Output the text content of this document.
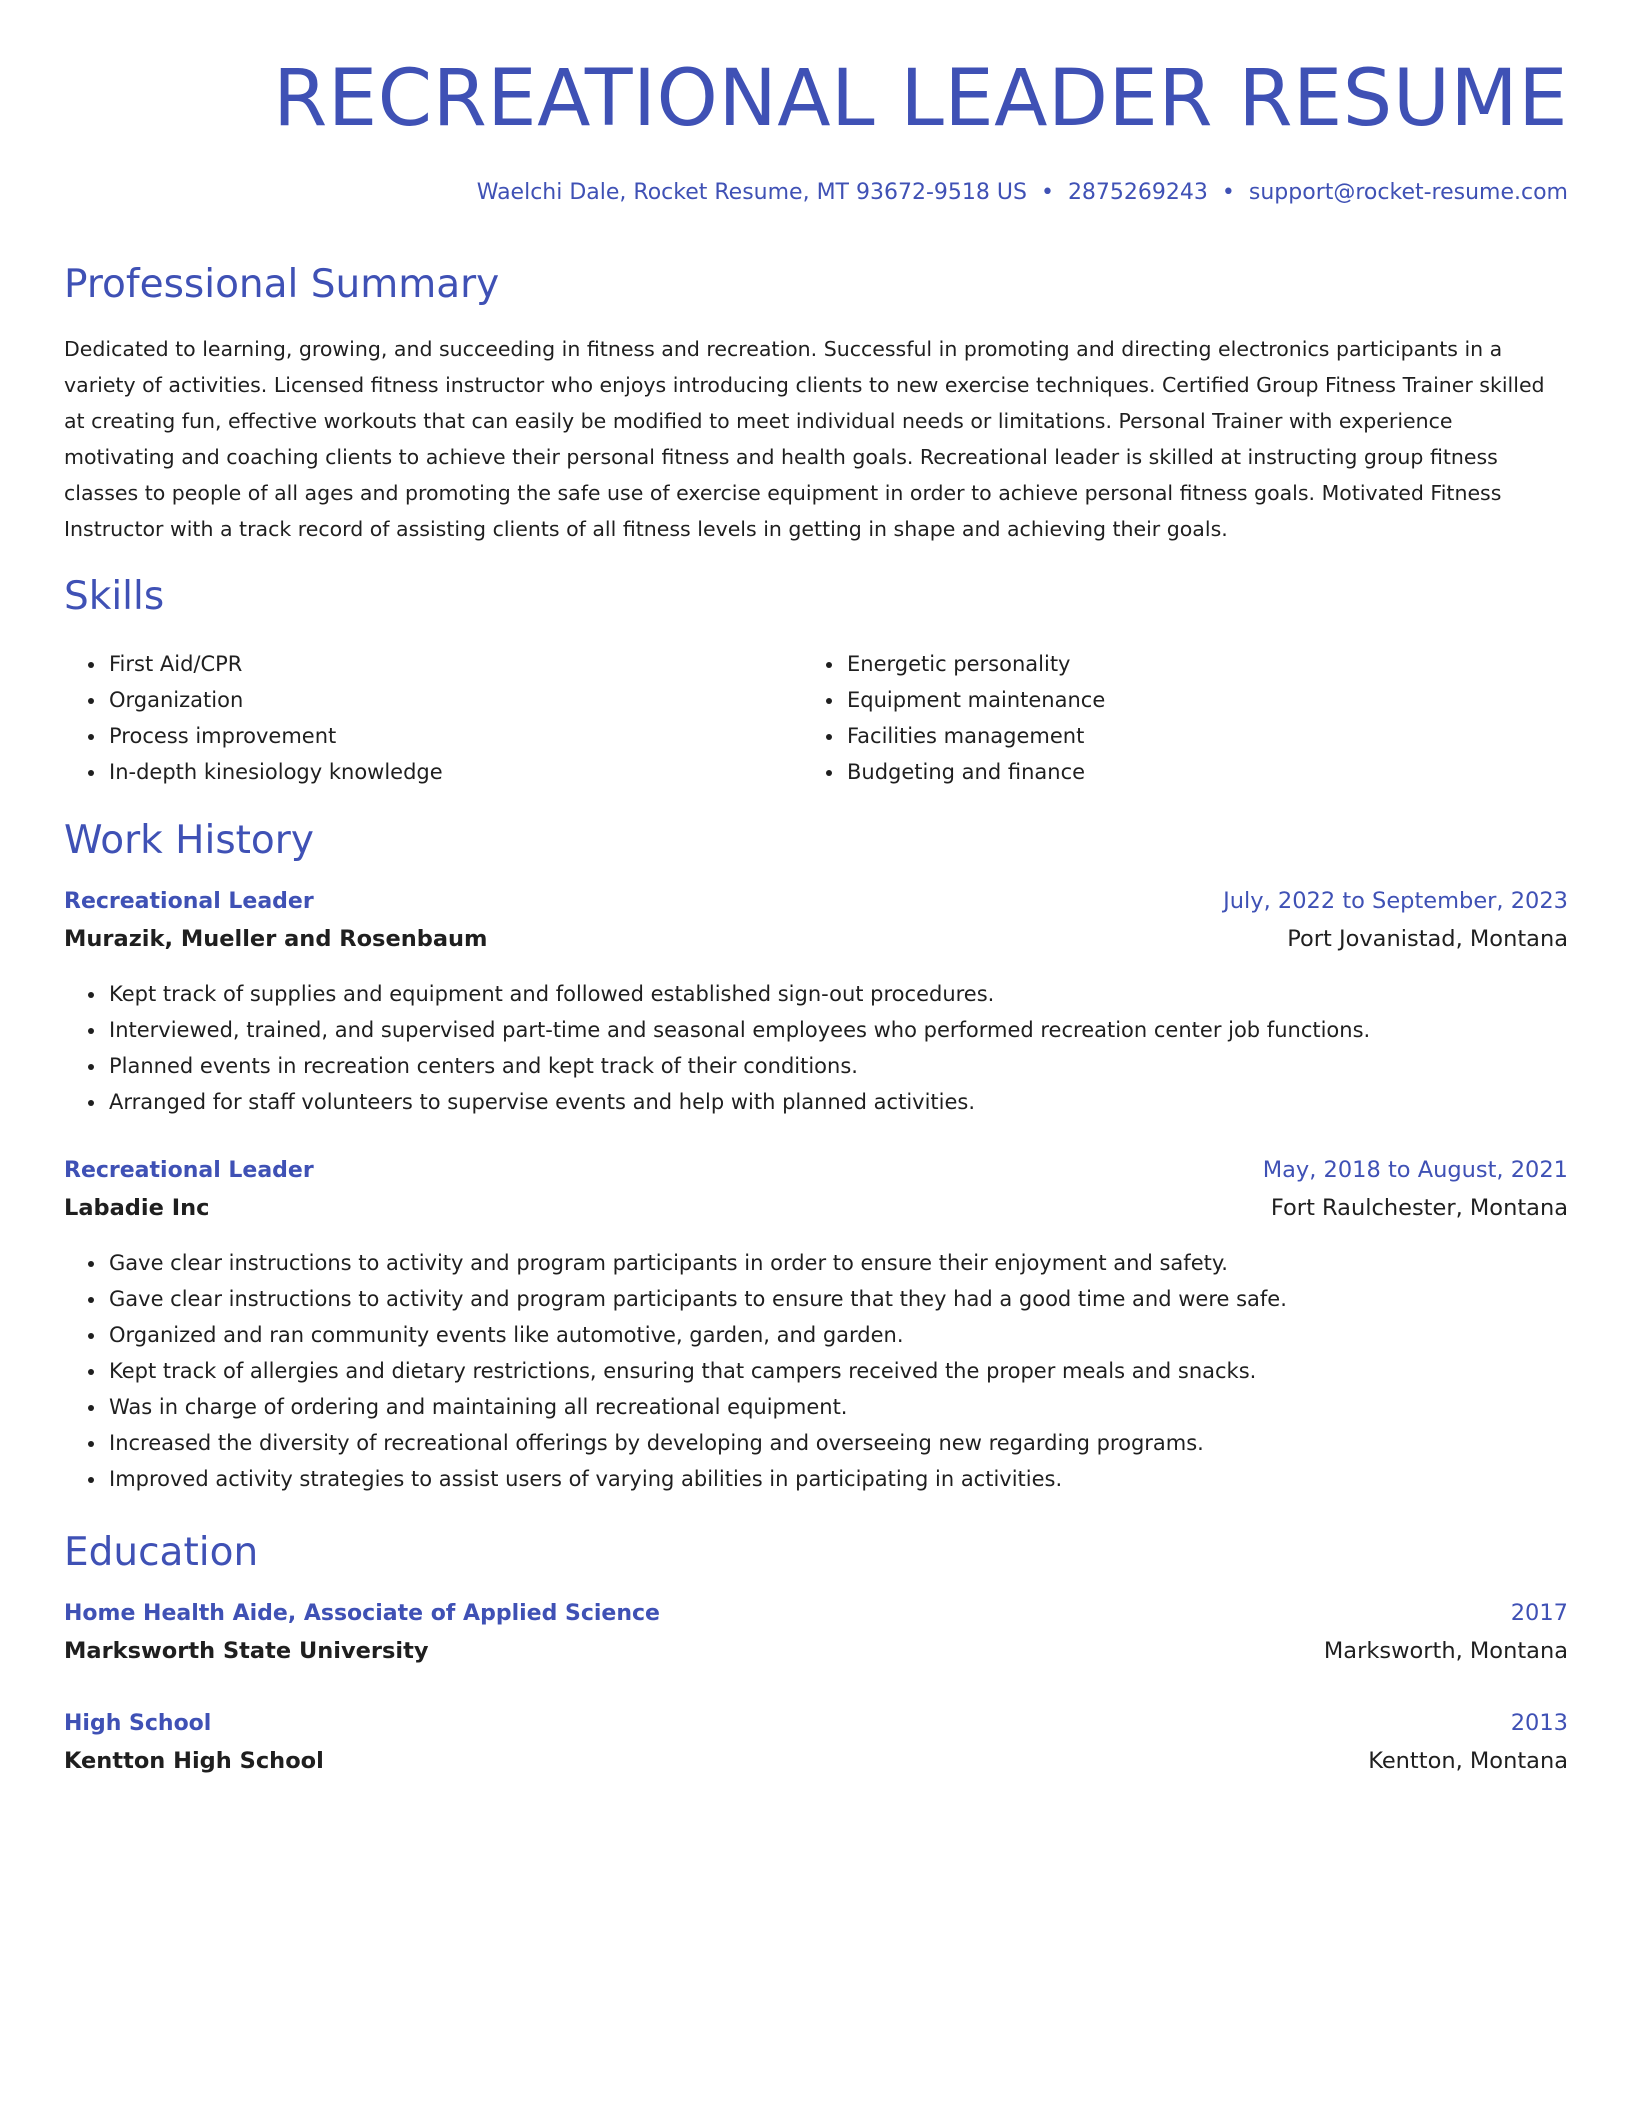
RECREATIONAL LEADER RESUME
Waelchi Dale, Rocket Resume, MT 93672-9518 US • 2875269243 • support@rocket-resume.com
Professional Summary

Dedicated to learning, growing, and succeeding in fitness and recreation. Successful in promoting and directing electronics participants in a variety of activities. Licensed fitness instructor who enjoys introducing clients to new exercise techniques. Certified Group Fitness Trainer skilled at creating fun, effective workouts that can easily be modified to meet individual needs or limitations. Personal Trainer with experience motivating and coaching clients to achieve their personal fitness and health goals. Recreational leader is skilled at instructing group fitness classes to people of all ages and promoting the safe use of exercise equipment in order to achieve personal fitness goals. Motivated Fitness Instructor with a track record of assisting clients of all fitness levels in getting in shape and achieving their goals.

Skills
• First Aid/CPR
• Organization
• Process improvement
• In-depth kinesiology knowledge
• Energetic personality
• Equipment maintenance
• Facilities management
• Budgeting and finance
Work History
Recreational Leader	July, 2022 to September, 2023
Murazik, Mueller and Rosenbaum	Port Jovanistad, Montana
• Kept track of supplies and equipment and followed established sign-out procedures.
• Interviewed, trained, and supervised part-time and seasonal employees who performed recreation center job functions.
• Planned events in recreation centers and kept track of their conditions.
• Arranged for staff volunteers to supervise events and help with planned activities.
Recreational Leader	May, 2018 to August, 2021
Labadie Inc	Fort Raulchester, Montana
• Gave clear instructions to activity and program participants in order to ensure their enjoyment and safety.
• Gave clear instructions to activity and program participants to ensure that they had a good time and were safe.
• Organized and ran community events like automotive, garden, and garden.
• Kept track of allergies and dietary restrictions, ensuring that campers received the proper meals and snacks.
• Was in charge of ordering and maintaining all recreational equipment.
• Increased the diversity of recreational offerings by developing and overseeing new regarding programs.
• Improved activity strategies to assist users of varying abilities in participating in activities.
Education
Home Health Aide, Associate of Applied Science	2017
Marksworth State University	Marksworth, Montana
High School	2013
Kentton High School	Kentton, Montana
